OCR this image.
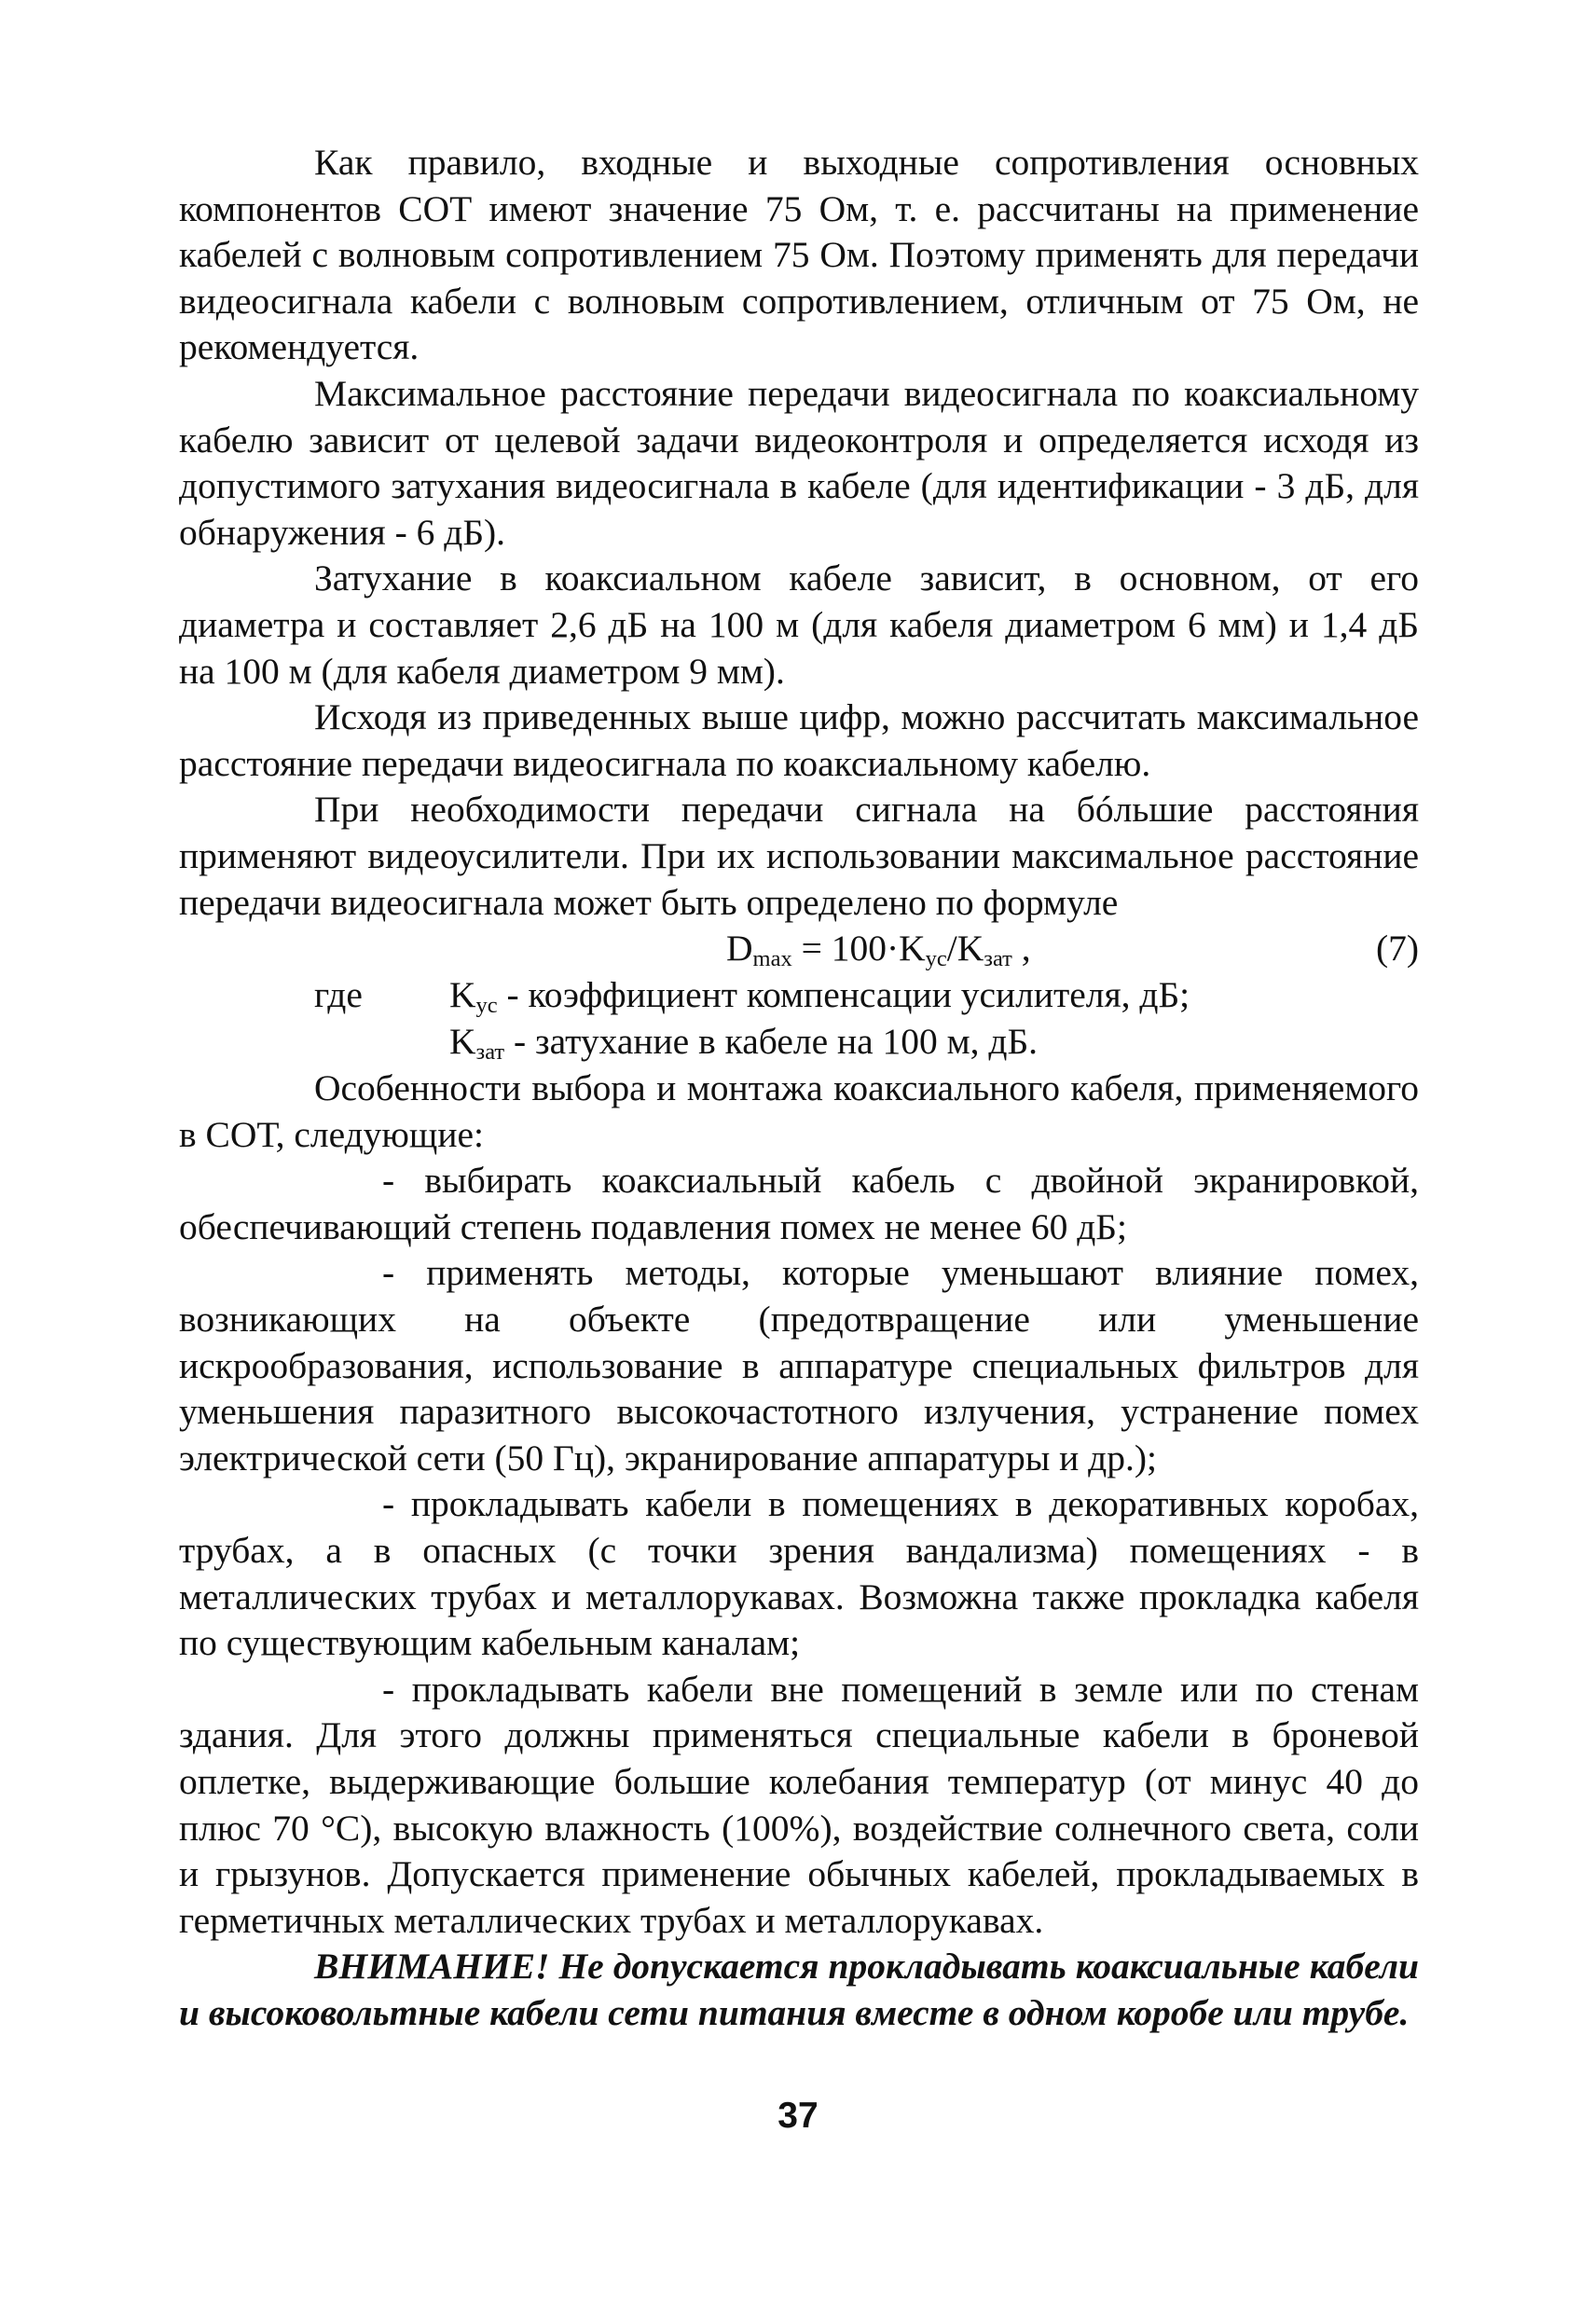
Как правило, входные и выходные сопротивления основных компонентов СОТ имеют значение 75 Ом, т. е. рассчитаны на применение кабелей с волновым сопротивлением 75 Ом. Поэтому применять для передачи видеосигнала кабели с волновым сопротивлением, отличным от 75 Ом, не рекомендуется.

Максимальное расстояние передачи видеосигнала по коаксиальному кабелю зависит от целевой задачи видеоконтроля и определяется исходя из допустимого затухания видеосигнала в кабеле (для идентификации - 3 дБ, для обнаружения - 6 дБ).

Затухание в коаксиальном кабеле зависит, в основном, от его диаметра и составляет 2,6 дБ на 100 м (для кабеля диаметром 6 мм) и 1,4 дБ на 100 м (для кабеля диаметром 9 мм).

Исходя из приведенных выше цифр, можно рассчитать максимальное расстояние передачи видеосигнала по коаксиальному кабелю.

При необходимости передачи сигнала на бóльшие расстояния применяют видеоусилители. При их использовании максимальное расстояние передачи видеосигнала может быть определено по формуле

$D_{max} = 100\cdot K_{ус}/K_{зат}$ ,	(7)
где $K_{ус}$ - коэффициент компенсации усилителя, дБ;
$K_{зат}$ - затухание в кабеле на 100 м, дБ.

Особенности выбора и монтажа коаксиального кабеля, применяемого в СОТ, следующие:

- выбирать коаксиальный кабель с двойной экранировкой, обеспечивающий степень подавления помех не менее 60 дБ;

- применять методы, которые уменьшают влияние помех, возникающих на объекте (предотвращение или уменьшение искрообразования, использование в аппаратуре специальных фильтров для уменьшения паразитного высокочастотного излучения, устранение помех электрической сети (50 Гц), экранирование аппаратуры и др.);

- прокладывать кабели в помещениях в декоративных коробах, трубах, а в опасных (с точки зрения вандализма) помещениях - в металлических трубах и металлорукавах. Возможна также прокладка кабеля по существующим кабельным каналам;

- прокладывать кабели вне помещений в земле или по стенам здания. Для этого должны применяться специальные кабели в броневой оплетке, выдерживающие большие колебания температур (от минус 40 до плюс 70 °С), высокую влажность (100%), воздействие солнечного света, соли и грызунов. Допускается применение обычных кабелей, прокладываемых в герметичных металлических трубах и металлорукавах.

ВНИМАНИЕ! Не допускается прокладывать коаксиальные кабели и высоковольтные кабели сети питания вместе в одном коробе или трубе.

37
